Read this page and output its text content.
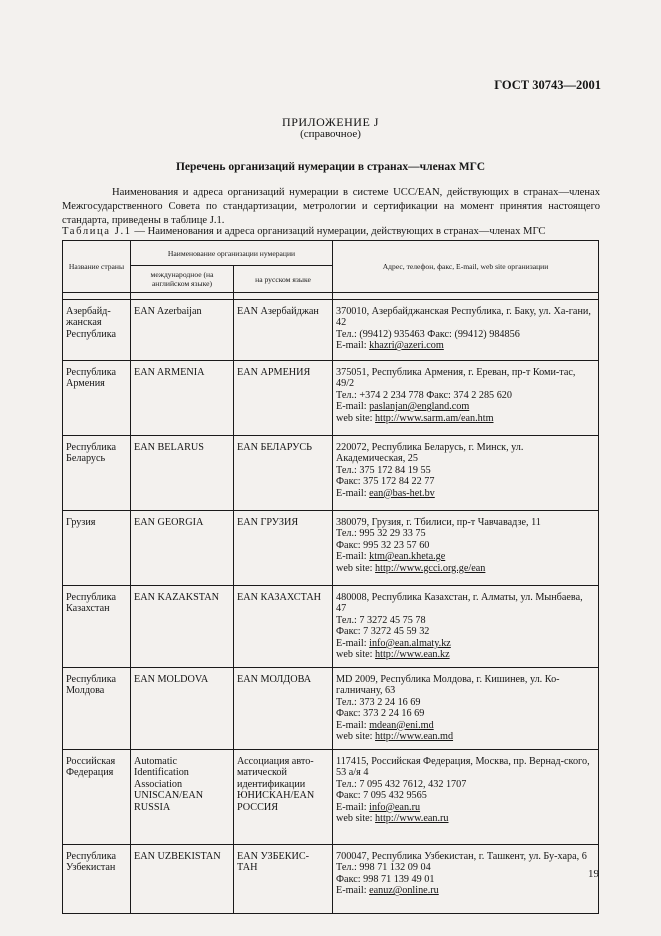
ГОСТ 30743—2001
ПРИЛОЖЕНИЕ J
(справочное)
Перечень организаций нумерации в странах—членах МГС
Наименования и адреса организаций нумерации в системе UCC/EAN, действующих в странах—членах Межгосударственного Совета по стандартизации, метрологии и сертификации на момент принятия настоящего стандарта, приведены в таблице J.1.
Таблица J.1 — Наименования и адреса организаций нумерации, действующих в странах—членах МГС
Название страны	Наименование организации нумерации		Адрес, телефон, факс, E-mail, web site организации
	международное (на английском языке)	на русском языке	

Азербайд-жанская Республика	EAN Azerbaijan	EAN Азербайджан	370010, Азербайджанская Республика, г. Баку, ул. Ха-гани, 42
Тел.: (99412) 935463 Факс: (99412) 984856
E-mail: khazri@azeri.com

Республика Армения	EAN ARMENIA	EAN АРМЕНИЯ	375051, Республика Армения, г. Ереван, пр-т Коми-тас, 49/2
Тел.: +374 2 234 778 Факс: 374 2 285 620
E-mail: paslanjan@england.com
web site: http://www.sarm.am/ean.htm

Республика Беларусь	EAN BELARUS	EAN БЕЛАРУСЬ	220072, Республика Беларусь, г. Минск, ул. Академическая, 25
Тел.: 375 172 84 19 55
Факс: 375 172 84 22 77
E-mail: ean@bas-het.bv

Грузия	EAN GEORGIA	EAN ГРУЗИЯ	380079, Грузия, г. Тбилиси, пр-т Чавчавадзе, 11
Тел.: 995 32 29 33 75
Факс: 995 32 23 57 60
E-mail: ktm@ean.kheta.ge
web site: http://www.gcci.org.ge/ean

Республика Казахстан	EAN KAZAKSTAN	EAN КАЗАХСТАН	480008, Республика Казахстан, г. Алматы, ул. Мынбаева, 47
Тел.: 7 3272 45 75 78
Факс: 7 3272 45 59 32
E-mail: info@ean.almaty.kz
web site: http://www.ean.kz

Республика Молдова	EAN MOLDOVA	EAN МОЛДОВА	MD 2009, Республика Молдова, г. Кишинев, ул. Ко-галничану, 63
Тел.: 373 2 24 16 69
Факс: 373 2 24 16 69
E-mail: mdean@eni.md
web site: http://www.ean.md

Российская Федерация	Automatic Identification Association UNISCAN/EAN RUSSIA	Ассоциация авто-матической идентификации ЮНИСКАН/EAN РОССИЯ	117415, Российская Федерация, Москва, пр. Вернад-ского, 53 а/я 4
Тел.: 7 095 432 7612, 432 1707
Факс: 7 095 432 9565
E-mail: info@ean.ru
web site: http://www.ean.ru

Республика Узбекистан	EAN UZBEKISTAN	EAN УЗБЕКИС-ТАН	700047, Республика Узбекистан, г. Ташкент, ул. Бу-хара, 6
Тел.: 998 71 132 09 04
Факс: 998 71 139 49 01
E-mail: eanuz@online.ru
19
